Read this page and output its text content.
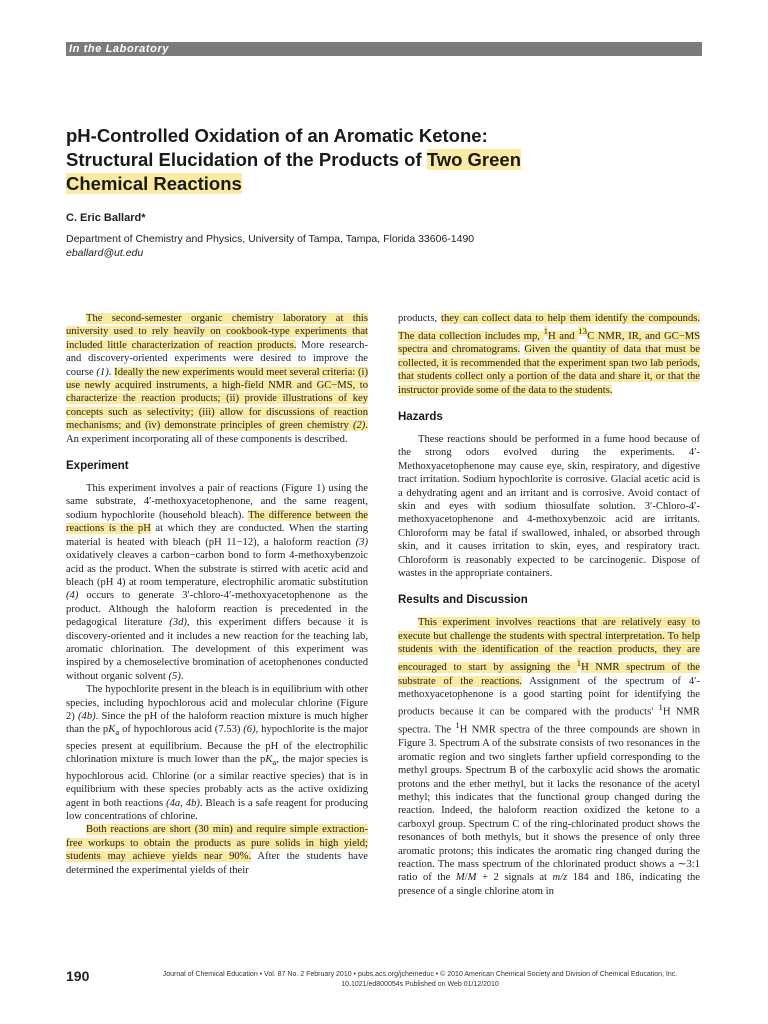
In the Laboratory
pH-Controlled Oxidation of an Aromatic Ketone:
Structural Elucidation of the Products of Two Green
Chemical Reactions
C. Eric Ballard*
Department of Chemistry and Physics, University of Tampa, Tampa, Florida 33606-1490
eballard@ut.edu

The second-semester organic chemistry laboratory at this university used to rely heavily on cookbook-type experiments that included little characterization of reaction products. More research- and discovery-oriented experiments were desired to improve the course (1). Ideally the new experiments would meet several criteria: (i) use newly acquired instruments, a high-field NMR and GC−MS, to characterize the reaction products; (ii) provide illustrations of key concepts such as selectivity; (iii) allow for discussions of reaction mechanisms; and (iv) demonstrate principles of green chemistry (2). An experiment incorporating all of these components is described.

Experiment

This experiment involves a pair of reactions (Figure 1) using the same substrate, 4′-methoxyacetophenone, and the same reagent, sodium hypochlorite (household bleach). The difference between the reactions is the pH at which they are conducted. When the starting material is heated with bleach (pH 11−12), a haloform reaction (3) oxidatively cleaves a carbon−carbon bond to form 4-methoxybenzoic acid as the product. When the substrate is stirred with acetic acid and bleach (pH 4) at room temperature, electrophilic aromatic substitution (4) occurs to generate 3′-chloro-4′-methoxyacetophenone as the product. Although the haloform reaction is precedented in the pedagogical literature (3d), this experiment differs because it is discovery-oriented and it includes a new reaction for the teaching lab, aromatic chlorination. The development of this experiment was inspired by a chemoselective bromination of acetophenones conducted without organic solvent (5).

The hypochlorite present in the bleach is in equilibrium with other species, including hypochlorous acid and molecular chlorine (Figure 2) (4b). Since the pH of the haloform reaction mixture is much higher than the $pK_a$ of hypochlorous acid (7.53) (6), hypochlorite is the major species present at equilibrium. Because the pH of the electrophilic chlorination mixture is much lower than the $pK_a$, the major species is hypochlorous acid. Chlorine (or a similar reactive species) that is in equilibrium with these species probably acts as the active oxidizing agent in both reactions (4a, 4b). Bleach is a safe reagent for producing low concentrations of chlorine.

Both reactions are short (30 min) and require simple extraction-free workups to obtain the products as pure solids in high yield; students may achieve yields near 90%. After the students have determined the experimental yields of their

products, they can collect data to help them identify the compounds. The data collection includes mp, $^1$H and $^{13}$C NMR, IR, and GC−MS spectra and chromatograms. Given the quantity of data that must be collected, it is recommended that the experiment span two lab periods, that students collect only a portion of the data and share it, or that the instructor provide some of the data to the students.

Hazards

These reactions should be performed in a fume hood because of the strong odors evolved during the experiments. 4′-Methoxyacetophenone may cause eye, skin, respiratory, and digestive tract irritation. Sodium hypochlorite is corrosive. Glacial acetic acid is a dehydrating agent and an irritant and is corrosive. Avoid contact of skin and eyes with sodium thiosulfate solution. 3′-Chloro-4′-methoxyacetophenone and 4-methoxybenzoic acid are irritants. Chloroform may be fatal if swallowed, inhaled, or absorbed through skin, and it causes irritation to skin, eyes, and respiratory tract. Chloroform is reasonably expected to be carcinogenic. Dispose of wastes in the appropriate containers.

Results and Discussion

This experiment involves reactions that are relatively easy to execute but challenge the students with spectral interpretation. To help students with the identification of the reaction products, they are encouraged to start by assigning the $^1$H NMR spectrum of the substrate of the reactions. Assignment of the spectrum of 4′-methoxyacetophenone is a good starting point for identifying the products because it can be compared with the products' $^1$H NMR spectra. The $^1$H NMR spectra of the three compounds are shown in Figure 3. Spectrum A of the substrate consists of two resonances in the aromatic region and two singlets farther upfield corresponding to the methyl groups. Spectrum B of the carboxylic acid shows the aromatic protons and the ether methyl, but it lacks the resonance of the acetyl methyl; this indicates that the functional group changed during the reaction. Indeed, the haloform reaction oxidized the ketone to a carboxyl group. Spectrum C of the ring-chlorinated product shows the resonances of both methyls, but it shows the presence of only three aromatic protons; this indicates the aromatic ring changed during the reaction. The mass spectrum of the chlorinated product shows a ∼3:1 ratio of the M/M + 2 signals at m/z 184 and 186, indicating the presence of a single chlorine atom in

190	Journal of Chemical Education • Vol. 87 No. 2 February 2010 • pubs.acs.org/jchemeduc • © 2010 American Chemical Society and Division of Chemical Education, Inc.
10.1021/ed800054s Published on Web 01/12/2010
